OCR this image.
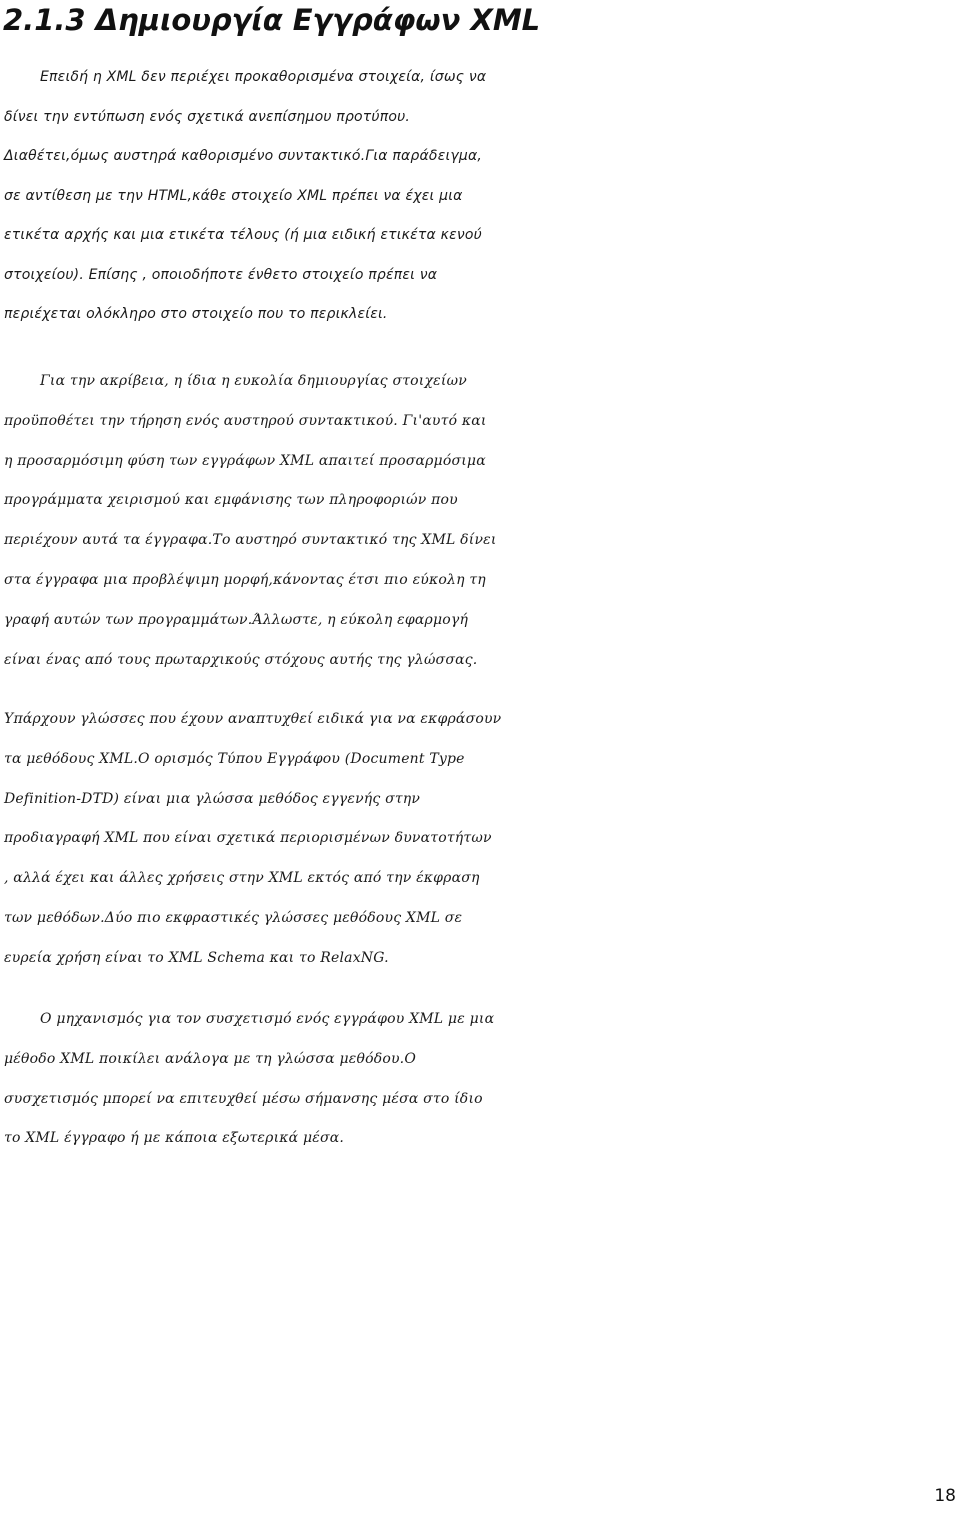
2.1.3 Δημιουργία Εγγράφων XML
Επειδή η XML δεν περιέχει προκαθορισμένα στοιχεία, ίσως να
δίνει την εντύπωση ενός σχετικά ανεπίσημου προτύπου.
Διαθέτει,όμως αυστηρά καθορισμένο συντακτικό.Για παράδειγμα,
σε αντίθεση με την HTML,κάθε στοιχείο XML πρέπει να έχει μια
ετικέτα αρχής και μια ετικέτα τέλους (ή μια ειδική ετικέτα κενού
στοιχείου). Επίσης , οποιοδήποτε ένθετο στοιχείο πρέπει να
περιέχεται ολόκληρο στο στοιχείο που το περικλείει.
Για την ακρίβεια, η ίδια η ευκολία δημιουργίας στοιχείων
προϋποθέτει την τήρηση ενός αυστηρού συντακτικού. Γι'αυτό και
η προσαρμόσιμη φύση των εγγράφων XML απαιτεί προσαρμόσιμα
προγράμματα χειρισμού και εμφάνισης των πληροφοριών που
περιέχουν αυτά τα έγγραφα.Το αυστηρό συντακτικό της XML δίνει
στα έγγραφα μια προβλέψιμη μορφή,κάνοντας έτσι πιο εύκολη τη
γραφή αυτών των προγραμμάτων.Άλλωστε, η εύκολη εφαρμογή
είναι ένας από τους πρωταρχικούς στόχους αυτής της γλώσσας.
Υπάρχουν γλώσσες που έχουν αναπτυχθεί ειδικά για να εκφράσουν
τα μεθόδους XML.Ο ορισμός Τύπου Εγγράφου (Document Type
Definition-DTD) είναι μια γλώσσα μεθόδος εγγενής στην
προδιαγραφή XML που είναι σχετικά περιορισμένων δυνατοτήτων
, αλλά έχει και άλλες χρήσεις στην XML εκτός από την έκφραση
των μεθόδων.Δύο πιο εκφραστικές γλώσσες μεθόδους XML σε
ευρεία χρήση είναι το XML Schema και το RelaxNG.
Ο μηχανισμός για τον συσχετισμό ενός εγγράφου XML με μια
μέθοδο XML ποικίλει ανάλογα με τη γλώσσα μεθόδου.Ο
συσχετισμός μπορεί να επιτευχθεί μέσω σήμανσης μέσα στο ίδιο
το XML έγγραφο ή με κάποια εξωτερικά μέσα.
18
